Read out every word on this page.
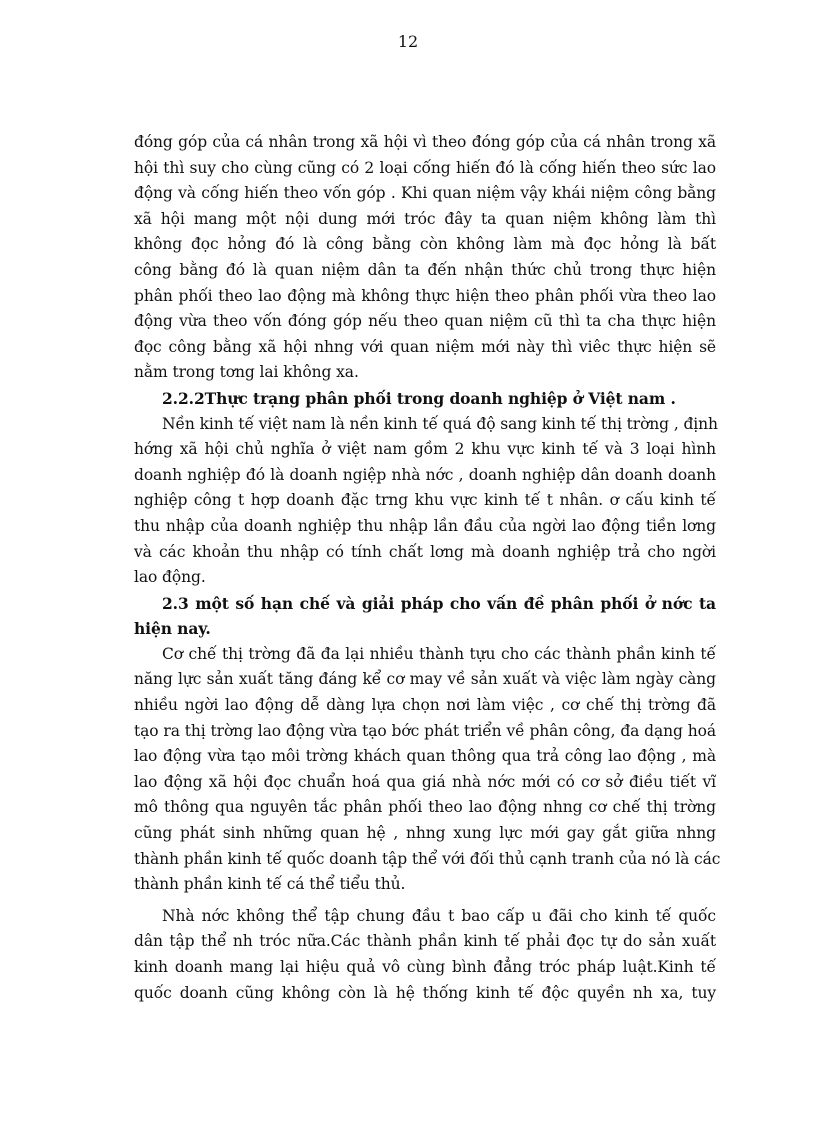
12
đóng góp của cá nhân trong xã hội vì theo đóng góp của cá nhân trong xã
hội thì suy cho cùng cũng có 2 loại cống hiến đó là cống hiến theo sức lao
động và cống hiến theo vốn góp . Khi quan niệm vậy khái niệm công bằng
xã hội mang một nội dung mới tróc đây ta quan niệm không làm thì
không đọc hỏng đó là công bằng còn không làm mà đọc hỏng là bất
công bằng đó là quan niệm dân ta đến nhận thức chủ trong thực hiện
phân phối theo lao động mà không thực hiện theo phân phối vừa theo lao
động vừa theo vốn đóng góp nếu theo quan niệm cũ thì ta cha thực hiện
đọc công bằng xã hội nhng với quan niệm mới này thì viêc thực hiện sẽ
nằm trong tơng lai không xa.
2.2.2Thực trạng phân phối trong doanh nghiệp ở Việt nam .
Nền kinh tế việt nam là nền kinh tế quá độ sang kinh tế thị trờng , định
hớng xã hội chủ nghĩa ở việt nam gồm 2 khu vực kinh tế và 3 loại hình
doanh nghiệp đó là doanh ngiệp nhà nớc , doanh nghiệp dân doanh doanh
nghiệp công t hợp doanh đặc trng khu vực kinh tế t nhân. ơ cấu kinh tế
thu nhập của doanh nghiệp thu nhập lần đầu của ngời lao động tiền lơng
và các khoản thu nhập có tính chất lơng mà doanh nghiệp trả cho ngời
lao động.
2.3 một số hạn chế và giải pháp cho vấn đề phân phối ở nớc ta
hiện nay.
Cơ chế thị trờng đã đa lại nhiều thành tựu cho các thành phần kinh tế
năng lực sản xuất tăng đáng kể cơ may về sản xuất và việc làm ngày càng
nhiều ngời lao động dễ dàng lựa chọn nơi làm việc , cơ chế thị trờng đã
tạo ra thị trờng lao động vừa tạo bớc phát triển về phân công, đa dạng hoá
lao động vừa tạo môi trờng khách quan thông qua trả công lao động , mà
lao động xã hội đọc chuẩn hoá qua giá nhà nớc mới có cơ sở điều tiết vĩ
mô thông qua nguyên tắc phân phối theo lao động nhng cơ chế thị trờng
cũng phát sinh những quan hệ , nhng xung lực mới gay gắt giữa nhng
thành phần kinh tế quốc doanh tập thể với đối thủ cạnh tranh của nó là các
thành phần kinh tế cá thể tiểu thủ.
Nhà nớc không thể tập chung đầu t bao cấp u đãi cho kinh tế quốc
dân tập thể nh tróc nữa.Các thành phần kinh tế phải đọc tự do sản xuất
kinh doanh mang lại hiệu quả vô cùng bình đẳng tróc pháp luật.Kinh tế
quốc doanh cũng không còn là hệ thống kinh tế độc quyền nh xa, tuy
